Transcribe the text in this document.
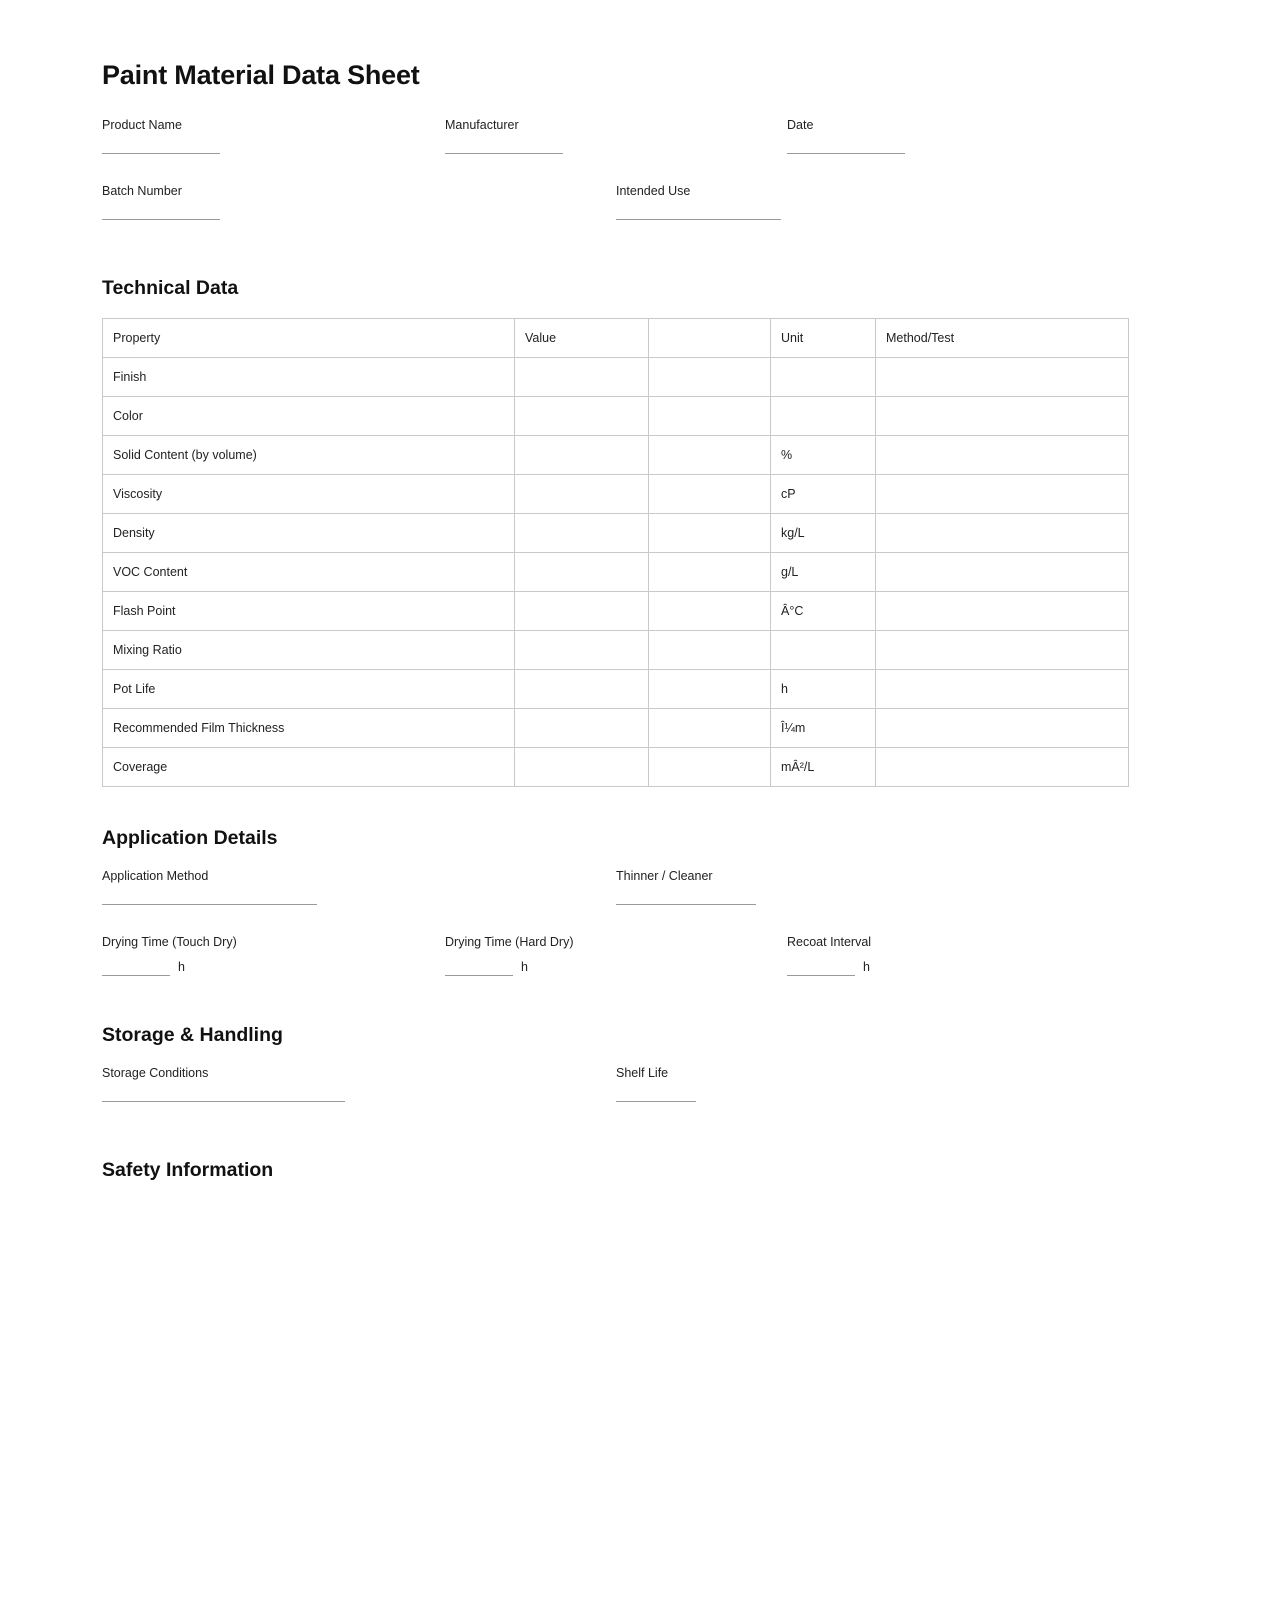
Paint Material Data Sheet
Product Name	Manufacturer	Date
Batch Number	Intended Use
Technical Data
Property	Value		Unit	Method/Test
Finish				
Color				
Solid Content (by volume)			%	
Viscosity			cP	
Density			kg/L	
VOC Content			g/L	
Flash Point			Â°C	
Mixing Ratio				
Pot Life			h	
Recommended Film Thickness			Î¼m	
Coverage			mÂ²/L	
Application Details
Application Method	Thinner / Cleaner
Drying Time (Touch Dry)
h
Drying Time (Hard Dry)
h
Recoat Interval
h
Storage & Handling
Storage Conditions	Shelf Life
Safety Information
